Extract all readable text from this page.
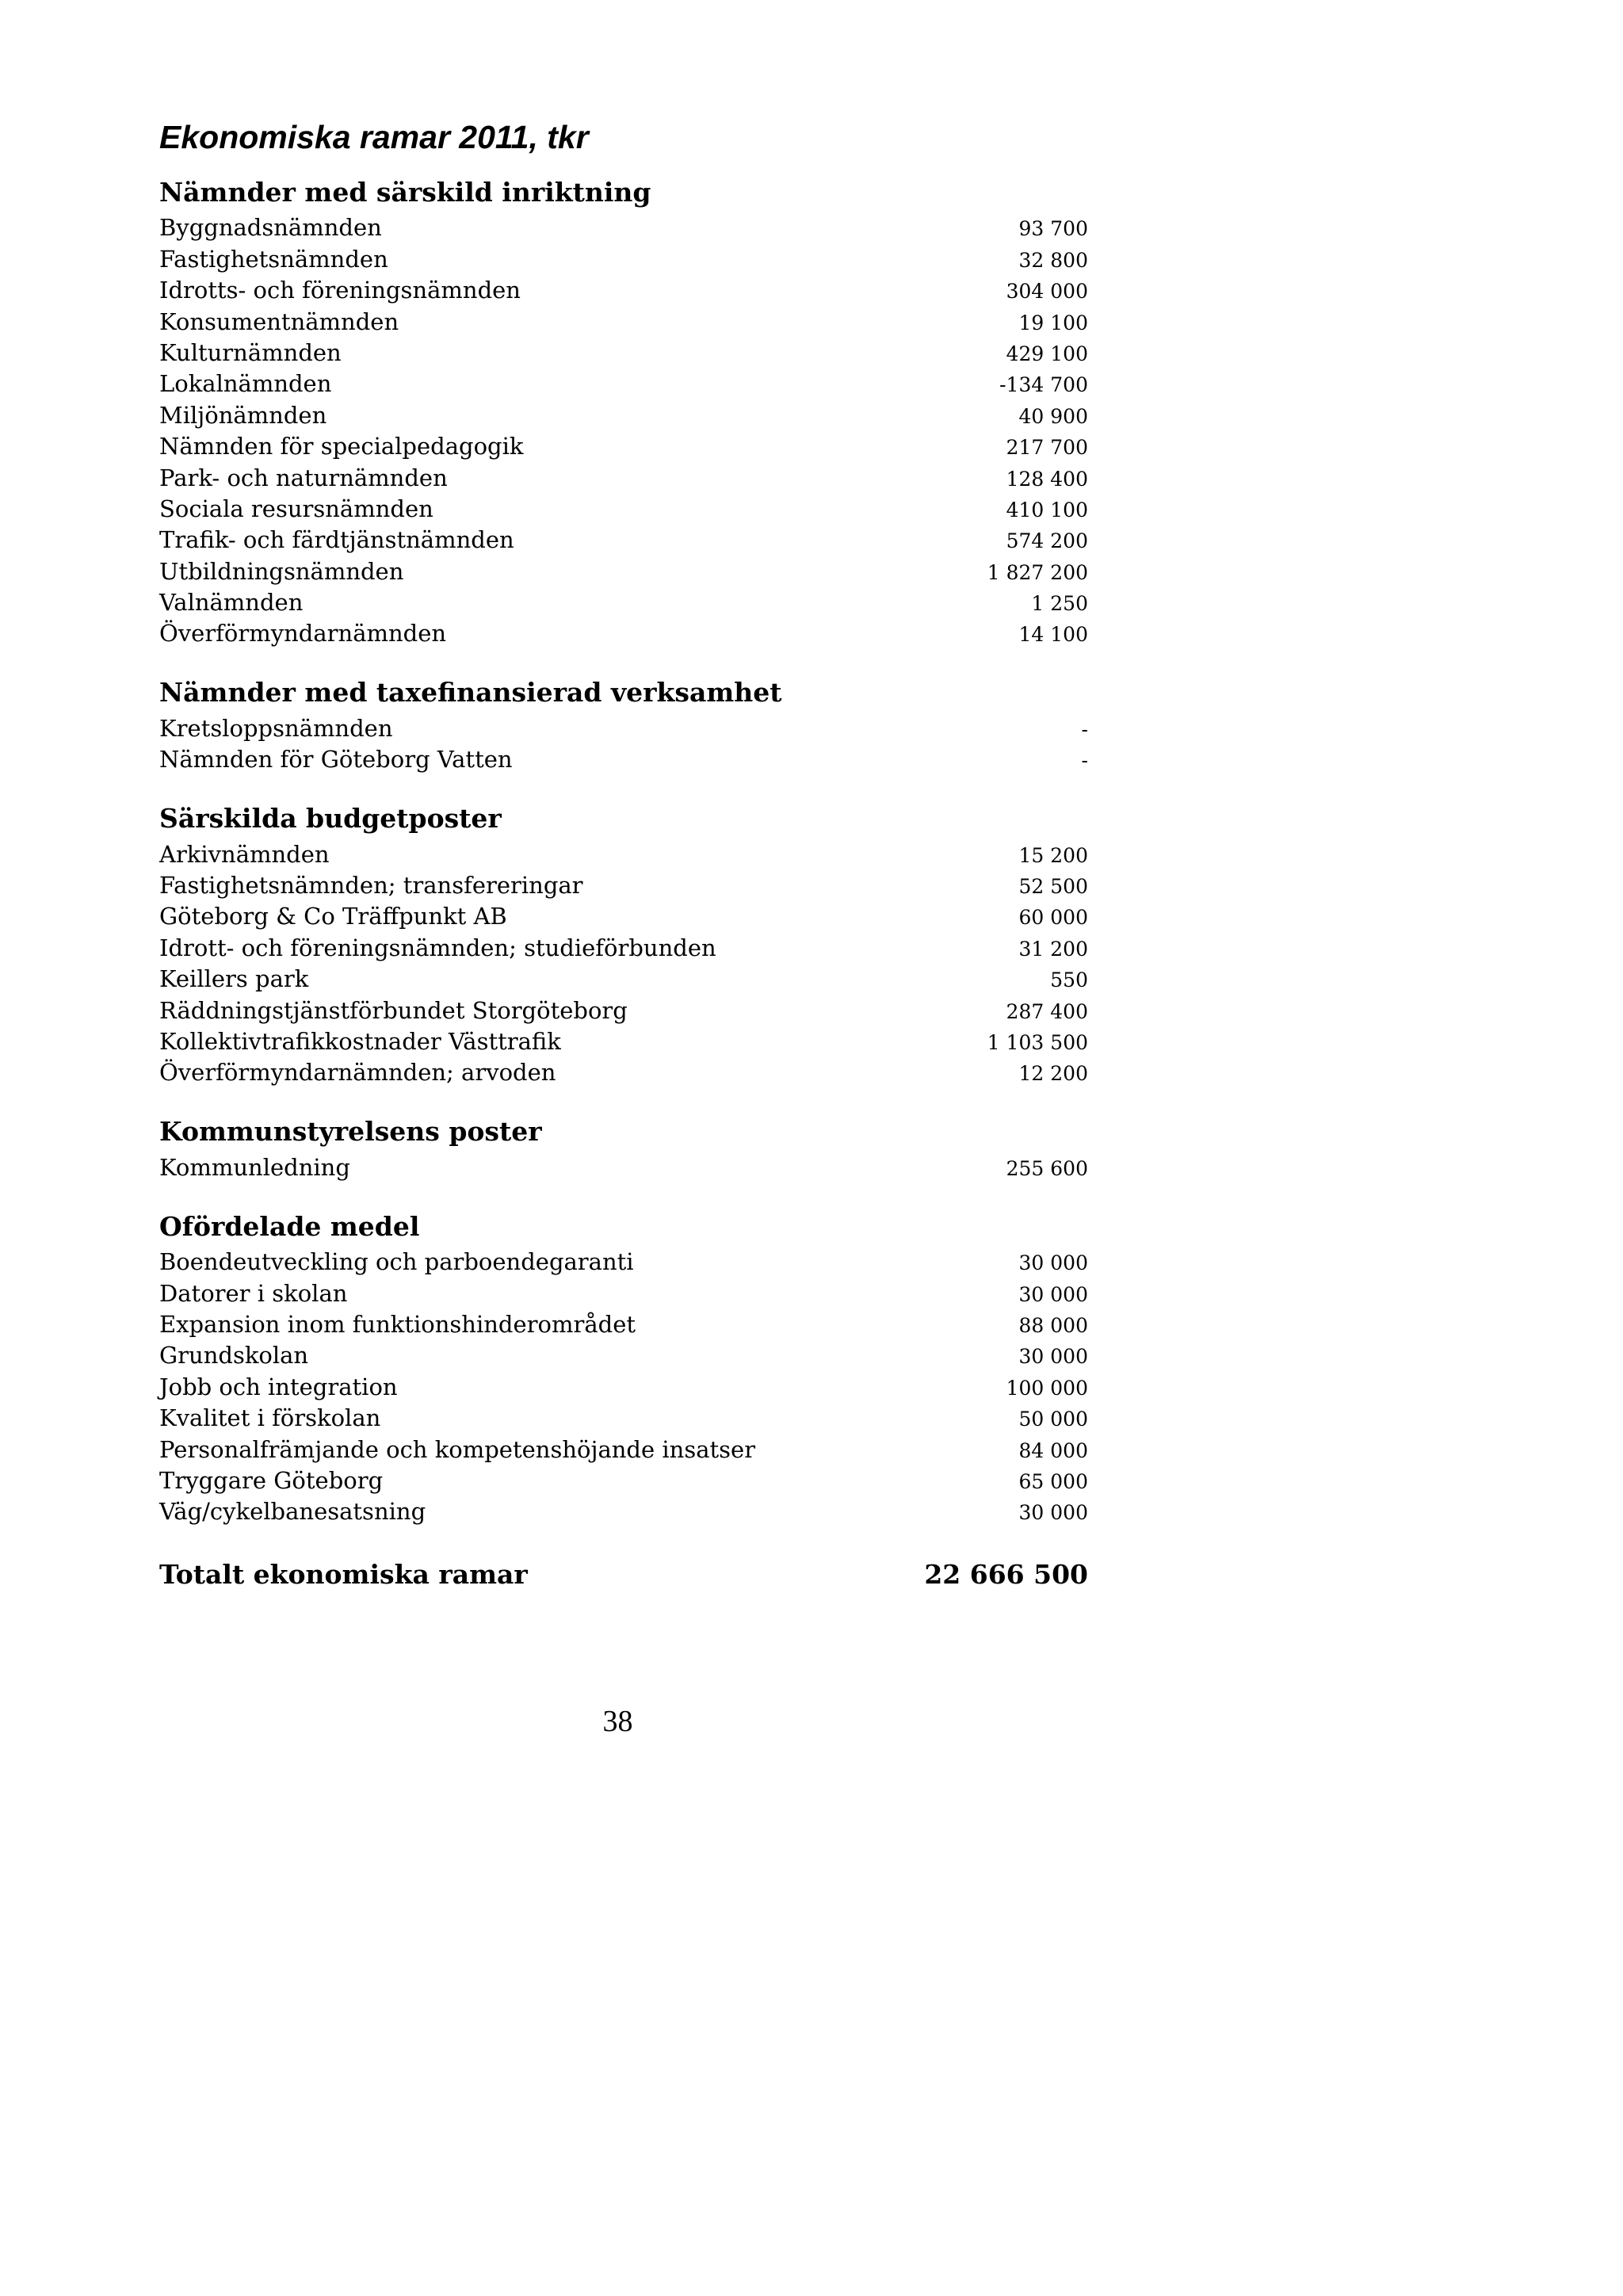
Ekonomiska ramar 2011, tkr
Nämnder med särskild inriktning
Byggnadsnämnden	93 700
Fastighetsnämnden	32 800
Idrotts- och föreningsnämnden	304 000
Konsumentnämnden	19 100
Kulturnämnden	429 100
Lokalnämnden	-134 700
Miljönämnden	40 900
Nämnden för specialpedagogik	217 700
Park- och naturnämnden	128 400
Sociala resursnämnden	410 100
Trafik- och färdtjänstnämnden	574 200
Utbildningsnämnden	1 827 200
Valnämnden	1 250
Överförmyndarnämnden	14 100
Nämnder med taxefinansierad verksamhet
Kretsloppsnämnden	-
Nämnden för Göteborg Vatten	-
Särskilda budgetposter
Arkivnämnden	15 200
Fastighetsnämnden; transfereringar	52 500
Göteborg & Co Träffpunkt AB	60 000
Idrott- och föreningsnämnden; studieförbunden	31 200
Keillers park	550
Räddningstjänstförbundet Storgöteborg	287 400
Kollektivtrafikkostnader Västtrafik	1 103 500
Överförmyndarnämnden; arvoden	12 200
Kommunstyrelsens poster
Kommunledning	255 600
Ofördelade medel
Boendeutveckling och parboendegaranti	30 000
Datorer i skolan	30 000
Expansion inom funktionshinderområdet	88 000
Grundskolan	30 000
Jobb och integration	100 000
Kvalitet i förskolan	50 000
Personalfrämjande och kompetenshöjande insatser	84 000
Tryggare Göteborg	65 000
Väg/cykelbanesatsning	30 000
Totalt ekonomiska ramar	22 666 500
38
